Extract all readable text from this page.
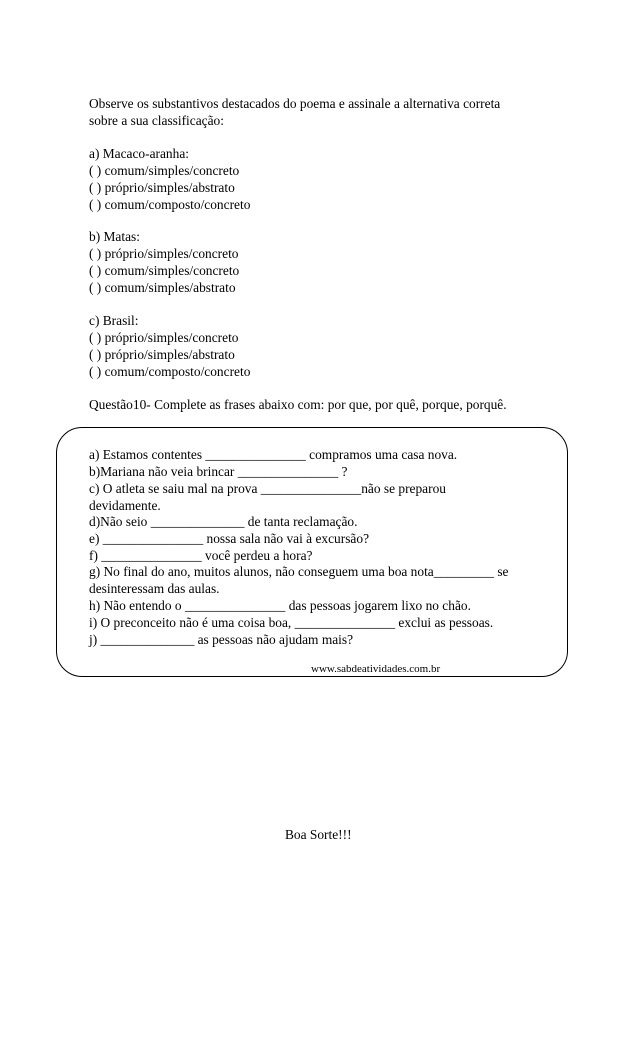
Observe os substantivos destacados do poema e assinale a alternativa correta
sobre a sua classificação:
a) Macaco-aranha:
( ) comum/simples/concreto
( ) próprio/simples/abstrato
( ) comum/composto/concreto
b) Matas:
( ) próprio/simples/concreto
( ) comum/simples/concreto
( ) comum/simples/abstrato
c) Brasil:
( ) próprio/simples/concreto
( ) próprio/simples/abstrato
( ) comum/composto/concreto
Questão10- Complete as frases abaixo com: por que, por quê, porque, porquê.
a) Estamos contentes _______________ compramos uma casa nova.
b)Mariana não veia brincar _______________ ?
c) O atleta se saiu mal na prova _______________não se preparou
devidamente.
d)Não seio ______________ de tanta reclamação.
e) _______________ nossa sala não vai à excursão?
f) _______________ você perdeu a hora?
g) No final do ano, muitos alunos, não conseguem uma boa nota_________ se
desinteressam das aulas.
h) Não entendo o _______________ das pessoas jogarem lixo no chão.
i) O preconceito não é uma coisa boa, _______________ exclui as pessoas.
j) ______________ as pessoas não ajudam mais?
www.sabdeatividades.com.br
Boa Sorte!!!
